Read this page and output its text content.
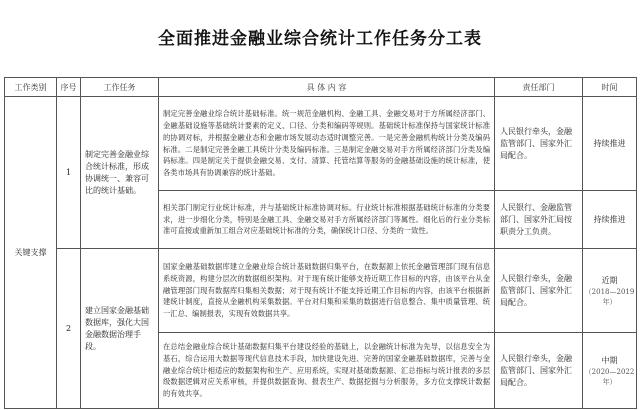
全面推进金融业综合统计工作任务分工表
工作类别	序号	工作任务	具 体 内 容	责任部门	时间
关键支撑	1	制定完善金融业综合统计标准，形成协调统一、兼容可比的统计基础。	制定完善金融业综合统计基础标准。统一规范金融机构、金融工具、金融交易对于方所属经济部门、金融基础设施等基础统计要素的定义、口径、分类和编码等规则。基础统计标准保持与国家统计标准的协调对标，并根据金融业态和金融市场发展动态适时调整完善。一是完善金融机构统计分类及编码标准。二是制定完善金融工具统计分类及编码标准。三是制定金融交易对手方所属经济部门分类及编码标准。四是制定关于提供金融交易、支付、清算、托管结算等服务的金融基础设施的统计标准，使各类市场具有协调兼容的统计基础。	人民银行牵头，金融监管部门、国家外汇局配合。	持续推进
			相关部门制定行业统计标准，并与基础统计标准协调对标。行业统计标准根据基础统计标准的分类要求，进一步细化分类，特别是金融工具、金融交易对手方所属经济部门等属性。细化后的行业分类标准可直接或重新加工组合对应基础统计标准的分类，确保统计口径、分类的一致性。	人民银行、金融监管部门、国家外汇局按职责分工负责。	持续推进
	2	建立国家金融基础数据库，强化大国金融数据治理手段。	国家金融基础数据库建立金融业综合统计基础数据归集平台，在数据源上依托金融管理部门现有信息系统资源，构建分层次的数据组织架构。对于现有统计能够支持近期工作目标的内容，由该平台从金融管理部门现有数据库归集相关数据；对于现有统计不能支持近期工作目标的内容，由该平台根据新建统计制度，直接从金融机构采集数据。平台对归集和采集的数据进行信息整合、集中质量管理、统一汇总、编制报表，实现有效数据共享。	人民银行牵头，金融监管部门、国家外汇局配合。	近期
（2018—2019年）

			在总结金融业综合统计基础数据归集平台建设经验的基础上，以金融统计标准为先导，以信息安全为基石，综合运用大数据等现代信息技术手段，加快建设先进、完善的国家金融基础数据库，完善与金融业综合统计相适应的数据架构和生产、应用系统，实现对基础数据源、汇总指标与统计报表的多层级数据逻辑对应关系审核，并提供数据查询、报表生产、数据挖掘与分析服务，多方位支撑统计数据的有效共享。	人民银行牵头，金融监管部门、国家外汇局配合。	中期
（2020—2022年）
